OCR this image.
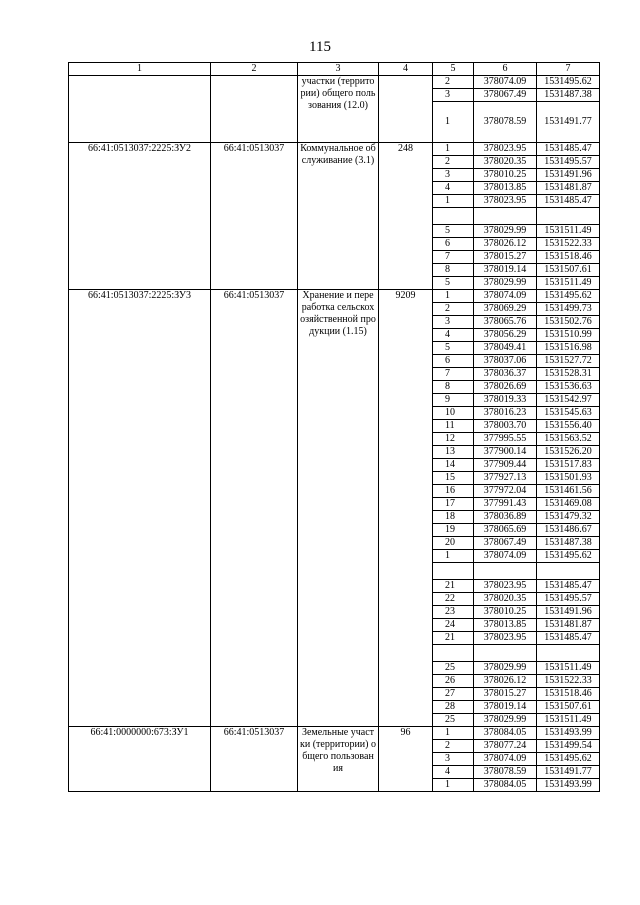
115
1	2	3	4	5	6	7
		участки (территории) общего пользования (12.0)		2	378074.09	1531495.62
				3	378067.49	1531487.38
				1	378078.59	1531491.77
66:41:0513037:2225:ЗУ2	66:41:0513037	Коммунальное обслуживание (3.1)	248	1	378023.95	1531485.47
				2	378020.35	1531495.57
				3	378010.25	1531491.96
				4	378013.85	1531481.87
				1	378023.95	1531485.47

				5	378029.99	1531511.49
				6	378026.12	1531522.33
				7	378015.27	1531518.46
				8	378019.14	1531507.61
				5	378029.99	1531511.49
66:41:0513037:2225:ЗУ3	66:41:0513037	Хранение и переработка сельскохозяйственной продукции (1.15)	9209	1	378074.09	1531495.62
				2	378069.29	1531499.73
				3	378065.76	1531502.76
				4	378056.29	1531510.99
				5	378049.41	1531516.98
				6	378037.06	1531527.72
				7	378036.37	1531528.31
				8	378026.69	1531536.63
				9	378019.33	1531542.97
				10	378016.23	1531545.63
				11	378003.70	1531556.40
				12	377995.55	1531563.52
				13	377900.14	1531526.20
				14	377909.44	1531517.83
				15	377927.13	1531501.93
				16	377972.04	1531461.56
				17	377991.43	1531469.08
				18	378036.89	1531479.32
				19	378065.69	1531486.67
				20	378067.49	1531487.38
				1	378074.09	1531495.62

				21	378023.95	1531485.47
				22	378020.35	1531495.57
				23	378010.25	1531491.96
				24	378013.85	1531481.87
				21	378023.95	1531485.47

				25	378029.99	1531511.49
				26	378026.12	1531522.33
				27	378015.27	1531518.46
				28	378019.14	1531507.61
				25	378029.99	1531511.49
66:41:0000000:673:ЗУ1	66:41:0513037	Земельные участки (территории) общего пользования	96	1	378084.05	1531493.99
				2	378077.24	1531499.54
				3	378074.09	1531495.62
				4	378078.59	1531491.77
				1	378084.05	1531493.99
